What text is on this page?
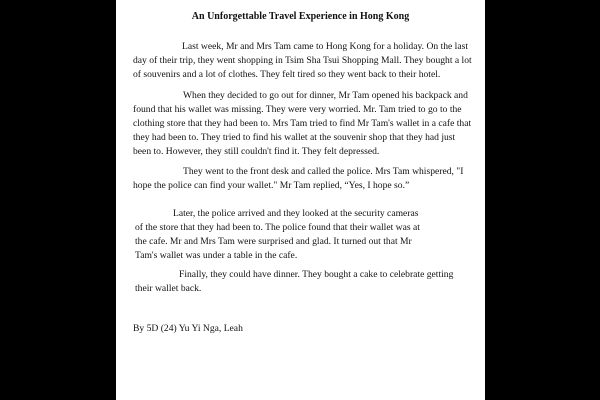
An Unforgettable Travel Experience in Hong Kong

Last week, Mr and Mrs Tam came to Hong Kong for a holiday. On the last
day of their trip, they went shopping in Tsim Sha Tsui Shopping Mall. They bought a lot
of souvenirs and a lot of clothes. They felt tired so they went back to their hotel.
When they decided to go out for dinner, Mr Tam opened his backpack and
found that his wallet was missing. They were very worried. Mr. Tam tried to go to the
clothing store that they had been to. Mrs Tam tried to find Mr Tam's wallet in a cafe that
they had been to. They tried to find his wallet at the souvenir shop that they had just
been to. However, they still couldn't find it. They felt depressed.
They went to the front desk and called the police. Mrs Tam whispered, "I
hope the police can find your wallet." Mr Tam replied, “Yes, I hope so.”
Later, the police arrived and they looked at the security cameras
of the store that they had been to. The police found that their wallet was at
the cafe. Mr and Mrs Tam were surprised and glad. It turned out that Mr
Tam's wallet was under a table in the cafe.
Finally, they could have dinner. They bought a cake to celebrate getting
their wallet back.

By 5D (24) Yu Yi Nga, Leah
